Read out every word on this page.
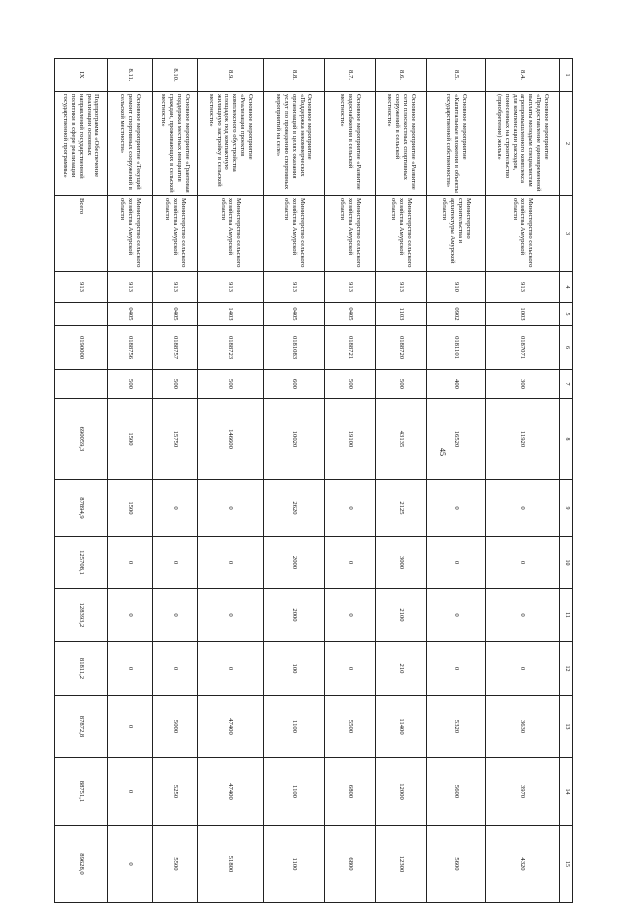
45
1	2	3	4	5	6	7	8	9	10	11	12	13	14	15
8.4.	Основное мероприятие «Предоставление единовременной выплаты молодым специалистам агропромышленного комплекса для компенсации расходов, понесенных на строительство (приобретение) жилья»	Министерство сельского хозяйства Амурской области	913	1003	0187071	300	11920	0	0	0	0	3630	3970	4320
8.5.	Основное мероприятие «Капитальные вложения в объекты государственной собственности»	Министерство строительства и архитектуры Амурской области	910	0902	0181101	400	16520	0	0	0	0	5320	5600	5600
8.6.	Основное мероприятие «Развитие сети плоскостных спортивных сооружений в сельской местности»	Министерство сельского хозяйства Амурской области	913	1103	0188720	500	43135	2125	3000	2100	210	11400	12000	12300
8.7.	Основное мероприятие «Развитие водоснабжения в сельской местности»	Министерство сельского хозяйства Амурской области	913	0405	0188721	500	19100	0	0	0	0	5500	6800	6800
8.8.	Основное мероприятие «Поддержка некоммерческих организаций в целях оказания услуг по проведению спортивных мероприятий на селе»	Министерство сельского хозяйства Амурской области	913	0405	0181083	600	10020	2620	2000	2000	100	1100	1100	1100
8.9.	Основное мероприятие «Реализация проектов комплексного обустройства площадок под компактную жилищную застройку в сельской местности»	Министерство сельского хозяйства Амурской области	913	1403	0188723	500	146600	0	0	0	0	47400	47400	51800
8.10.	Основное мероприятие «Грантовая поддержка местных инициатив граждан, проживающих в сельской местности»	Министерство сельского хозяйства Амурской области	913	0405	0188757	500	15750	0	0	0	0	5000	5250	5500
8.11.	Основное мероприятие «Текущий ремонт спортивных сооружений в сельской местности»	Министерство сельского хозяйства Амурской области	913	0405	0188756	500	1500	1500	0	0	0	0	0	0
IX	Подпрограмма «Обеспечение реализации основных направлений государственной политики в сфере реализации государственной программы»	Всего	913		0190000		690059,3	87894,9	125708,1	128393,2	81811,2	87872,8	88751,1	89628,0
